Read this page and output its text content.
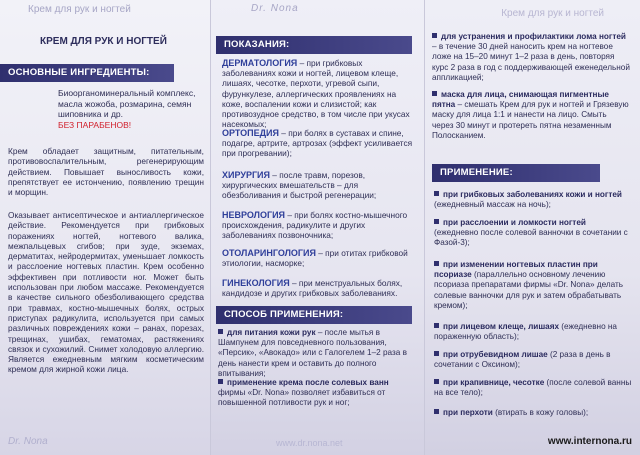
Крем для рук и ногтей
КРЕМ ДЛЯ РУК И НОГТЕЙ
Dr. Nona	Крем для рук и ногтей
ОСНОВНЫЕ ИНГРЕДИЕНТЫ:
Биоорганоминеральный комплекс, масла жожоба, розмарина, семян шиповника и др.
БЕЗ ПАРАБЕНОВ!
Крем обладает защитным, питательным, противовоспалительным, регенерирующим действием. Повышает выносливость кожи, препятствует ее истончению, появлению трещин и морщин.
Оказывает антисептическое и антиаллергическое действие. Рекомендуется при грибковых поражениях ногтей, ногтевого валика, межпальцевых сгибов; при зуде, экземах, дерматитах, нейродермитах, уменьшает ломкость и расслоение ногтевых пластин. Крем особенно эффективен при потливости ног. Может быть использован при любом массаже. Рекомендуется в качестве сильного обезболивающего средства при травмах, костно-мышечных болях, острых приступах радикулита, используется при самых различных повреждениях кожи – ранах, порезах, трещинах, ушибах, гематомах, растяжениях связок и сухожилий. Снимет холодовую аллергию. Является ежедневным мягким косметическим кремом для жирной кожи лица.
ПОКАЗАНИЯ:
ДЕРМАТОЛОГИЯ – при грибковых заболеваниях кожи и ногтей, лицевом клеще, лишаях, чесотке, перхоти, угревой сыпи, фурункулезе, аллергических проявлениях на коже, воспалении кожи и слизистой; как противозудное средство, в том числе при укусах насекомых;
ОРТОПЕДИЯ – при болях в суставах и спине, подагре, артрите, артрозах (эффект усиливается при прогревании);
ХИРУРГИЯ – после травм, порезов, хирургических вмешательств – для обезболивания и быстрой регенерации;
НЕВРОЛОГИЯ – при болях костно-мышечного происхождения, радикулите и других заболеваниях позвоночника;
ОТОЛАРИНГОЛОГИЯ – при отитах грибковой этиологии, насморке;
ГИНЕКОЛОГИЯ – при менструальных болях, кандидозе и других грибковых заболеваниях.
СПОСОБ ПРИМЕНЕНИЯ:
для питания кожи рук – после мытья в Шампунем для повседневного пользования, «Персик», «Авокадо» или с Галогелем 1–2 раза в день нанести крем и оставить до полного впитывания;
применение крема после солевых ванн фирмы «Dr. Nona» позволяет избавиться от повышенной потливости рук и ног;
для устранения и профилактики лома ногтей – в течение 30 дней наносить крем на ногтевое ложе на 15–20 минут 1–2 раза в день, повторяя курс 2 раза в год с поддерживающей еженедельной аппликацией;
маска для лица, снимающая пигментные пятна – смешать Крем для рук и ногтей и Грязевую маску для лица 1:1 и нанести на лицо. Смыть через 30 минут и протереть пятна незаменным Полосканием.
ПРИМЕНЕНИЕ:
при грибковых заболеваниях кожи и ногтей (ежедневный массаж на ночь);
при расслоении и ломкости ногтей (ежедневно после солевой ванночки в сочетании с Фазой-3);
при изменении ногтевых пластин при псориазе (параллельно основному лечению псориаза препаратами фирмы «Dr. Nona» делать солевые ванночки для рук и затем обрабатывать кремом);
при лицевом клеще, лишаях (ежедневно на пораженную область);
при отрубевидном лишае (2 раза в день в сочетании с Оксином);
при крапивнице, чесотке (после солевой ванны на все тело);
при перхоти (втирать в кожу головы);
Dr. Nona	www.dr.nona.net	www.internona.ru
